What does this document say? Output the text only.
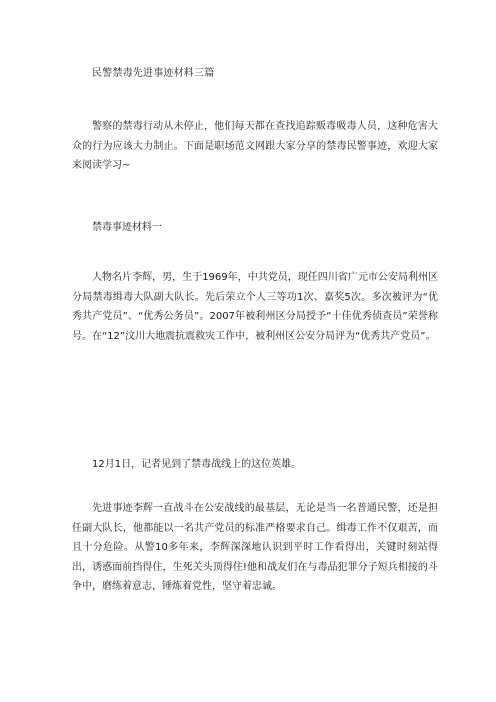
民警禁毒先进事迹材料三篇

警察的禁毒行动从未停止，他们每天都在查找追踪贩毒吸毒人员，这种危害大众的行为应该大力制止。下面是职场范文网跟大家分享的禁毒民警事迹，欢迎大家来阅读学习~

禁毒事迹材料一

人物名片李辉，男，生于1969年，中共党员，现任四川省广元市公安局利州区分局禁毒缉毒大队副大队长。先后荣立个人三等功1次、嘉奖5次。多次被评为“优秀共产党员”、“优秀公务员”。2007年被利州区分局授予“十佳优秀侦查员”荣誉称号。在“12”汶川大地震抗震救灾工作中，被利州区公安分局评为“优秀共产党员”。

12月1日，记者见到了禁毒战线上的这位英雄。

先进事迹李辉一直战斗在公安战线的最基层，无论是当一名普通民警，还是担任副大队长，他都能以一名共产党员的标准严格要求自己。缉毒工作不仅艰苦，而且十分危险。从警10多年来，李辉深深地认识到平时工作看得出，关键时刻站得出，诱惑面前挡得住，生死关头顶得住!他和战友们在与毒品犯罪分子短兵相接的斗争中，磨练着意志，锤炼着党性，坚守着忠诚。
